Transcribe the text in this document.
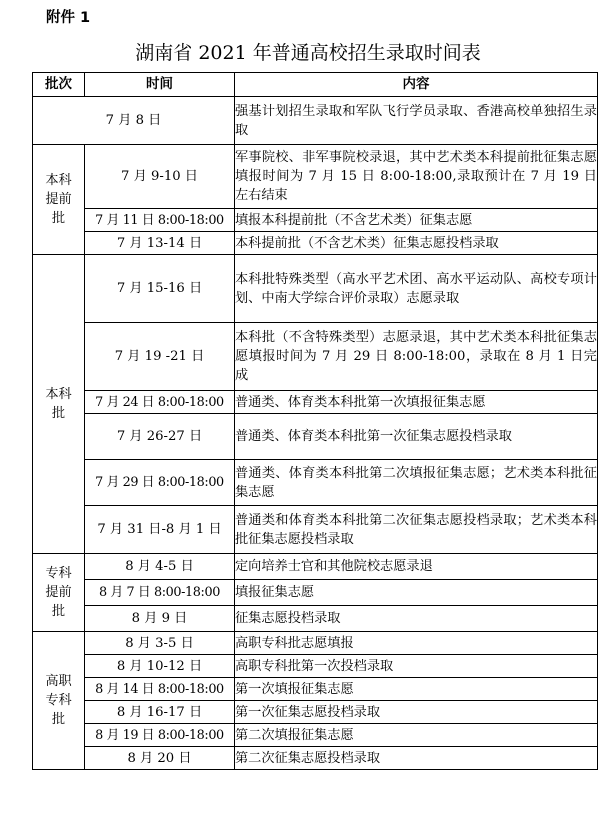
附件 1
湖南省 2021 年普通高校招生录取时间表
批次	时间	内容
7 月 8 日		强基计划招生录取和军队飞行学员录取、香港高校单独招生录取

本科
提前
批	7 月 9-10 日	军事院校、非军事院校录退，其中艺术类本科提前批征集志愿填报时间为 7 月 15 日 8:00-18:00,录取预计在 7 月 19 日左右结束
	7 月 11 日 8:00-18:00	填报本科提前批（不含艺术类）征集志愿
	7 月 13-14 日	本科提前批（不含艺术类）征集志愿投档录取

本科
批	7 月 15-16 日	本科批特殊类型（高水平艺术团、高水平运动队、高校专项计划、中南大学综合评价录取）志愿录取
	7 月 19 -21 日	本科批（不含特殊类型）志愿录退，其中艺术类本科批征集志愿填报时间为 7 月 29 日 8:00-18:00，录取在 8 月 1 日完成
	7 月 24 日 8:00-18:00	普通类、体育类本科批第一次填报征集志愿
	7 月 26-27 日	普通类、体育类本科批第一次征集志愿投档录取
	7 月 29 日 8:00-18:00	普通类、体育类本科批第二次填报征集志愿；艺术类本科批征集志愿
	7 月 31 日-8 月 1 日	普通类和体育类本科批第二次征集志愿投档录取；艺术类本科批征集志愿投档录取

专科
提前
批	8 月 4-5 日	定向培养士官和其他院校志愿录退
	8 月 7 日 8:00-18:00	填报征集志愿
	8 月 9 日	征集志愿投档录取

高职
专科
批	8 月 3-5 日	高职专科批志愿填报
	8 月 10-12 日	高职专科批第一次投档录取
	8 月 14 日 8:00-18:00	第一次填报征集志愿
	8 月 16-17 日	第一次征集志愿投档录取
	8 月 19 日 8:00-18:00	第二次填报征集志愿
	8 月 20 日	第二次征集志愿投档录取
